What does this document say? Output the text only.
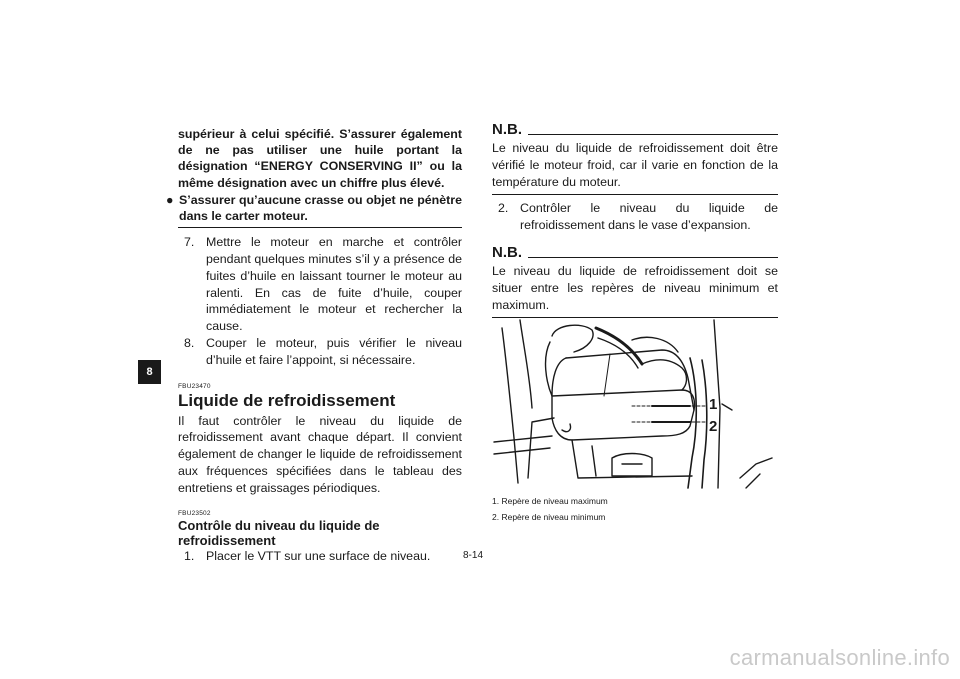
8
supérieur à celui spécifié. S’assurer également de ne pas utiliser une huile portant la désignation “ENERGY CONSERVING II” ou la même désignation avec un chiffre plus élevé.
● S’assurer qu’aucune crasse ou objet ne pénètre dans le carter moteur.
7. Mettre le moteur en marche et contrôler pendant quelques minutes s’il y a présence de fuites d’huile en laissant tourner le moteur au ralenti. En cas de fuite d’huile, couper immédiatement le moteur et rechercher la cause.
8. Couper le moteur, puis vérifier le niveau d’huile et faire l’appoint, si nécessaire.
FBU23470
Liquide de refroidissement
Il faut contrôler le niveau du liquide de refroidissement avant chaque départ. Il convient également de changer le liquide de refroidissement aux fréquences spécifiées dans le tableau des entretiens et graissages périodiques.
FBU23502
Contrôle du niveau du liquide de refroidissement
1. Placer le VTT sur une surface de niveau.
N.B.
Le niveau du liquide de refroidissement doit être vérifié le moteur froid, car il varie en fonction de la température du moteur.
2. Contrôler le niveau du liquide de refroidissement dans le vase d’expansion.
N.B.
Le niveau du liquide de refroidissement doit se situer entre les repères de niveau minimum et maximum.
1
2
1. Repère de niveau maximum
2. Repère de niveau minimum
8-14
carmanualsonline.info
